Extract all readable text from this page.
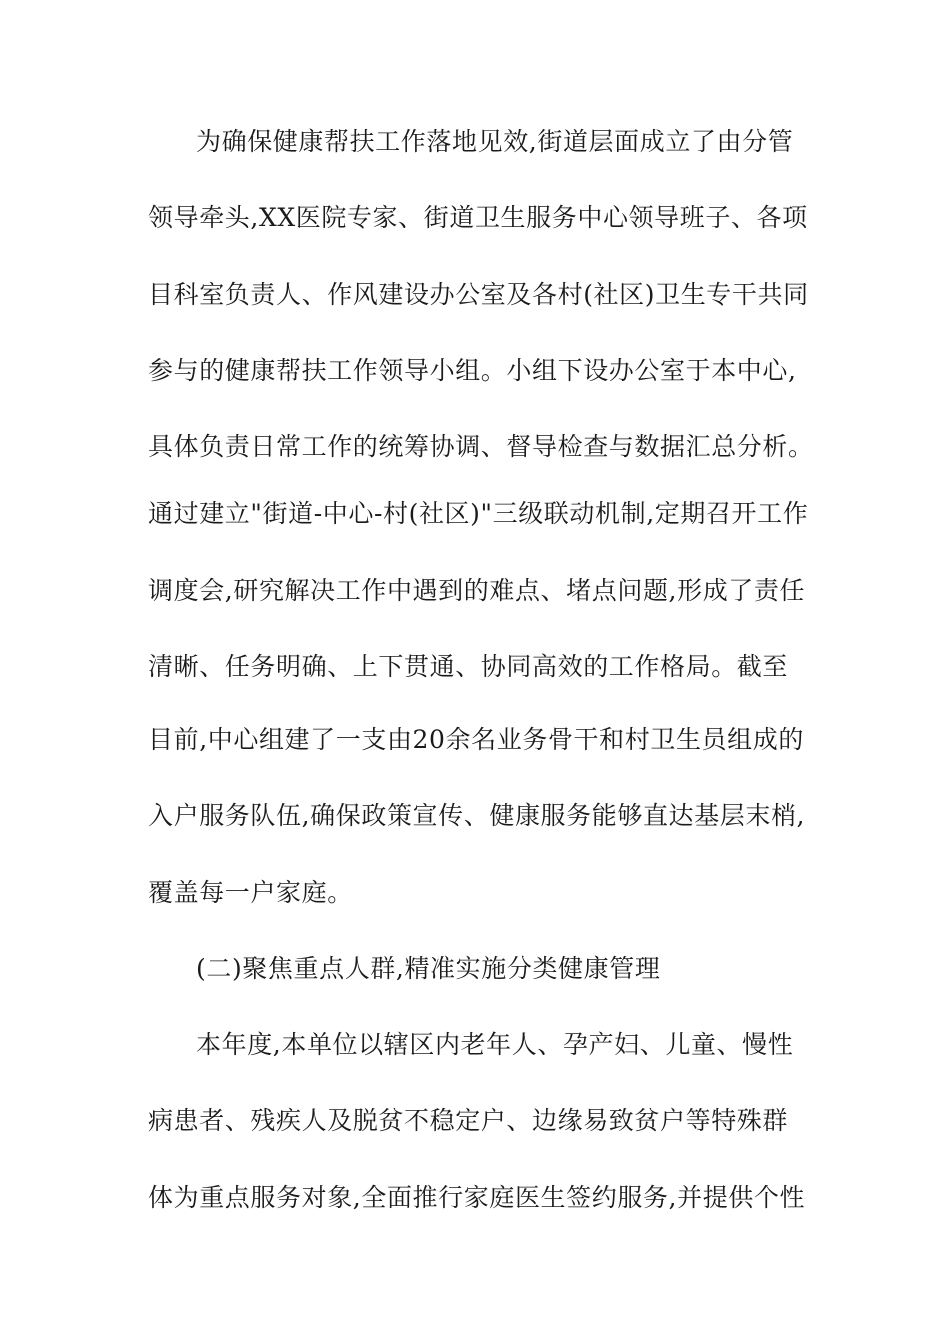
为确保健康帮扶工作落地见效,街道层面成立了由分管
领导牵头,XX医院专家、街道卫生服务中心领导班子、各项
目科室负责人、作风建设办公室及各村(社区)卫生专干共同
参与的健康帮扶工作领导小组。小组下设办公室于本中心,
具体负责日常工作的统筹协调、督导检查与数据汇总分析。
通过建立"街道-中心-村(社区)"三级联动机制,定期召开工作
调度会,研究解决工作中遇到的难点、堵点问题,形成了责任
清晰、任务明确、上下贯通、协同高效的工作格局。截至
目前,中心组建了一支由20余名业务骨干和村卫生员组成的
入户服务队伍,确保政策宣传、健康服务能够直达基层末梢,
覆盖每一户家庭。
(二)聚焦重点人群,精准实施分类健康管理
本年度,本单位以辖区内老年人、孕产妇、儿童、慢性
病患者、残疾人及脱贫不稳定户、边缘易致贫户等特殊群
体为重点服务对象,全面推行家庭医生签约服务,并提供个性
